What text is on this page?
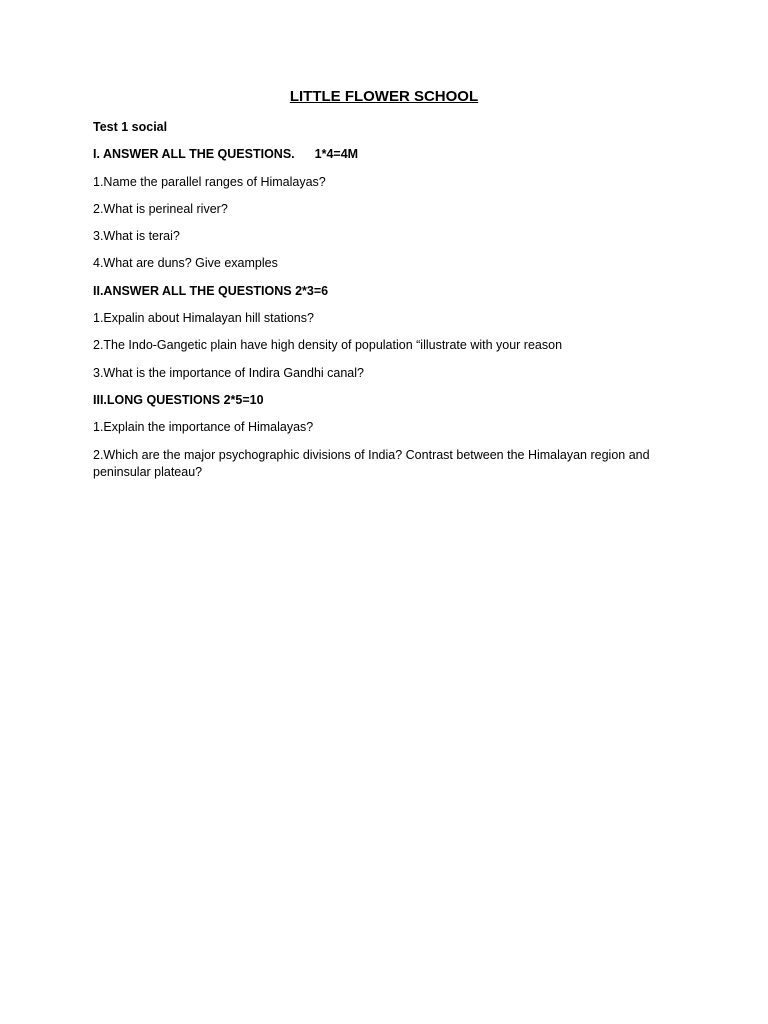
LITTLE FLOWER SCHOOL

Test 1 social

I. ANSWER ALL THE QUESTIONS. 1*4=4M

1.Name the parallel ranges of Himalayas?

2.What is perineal river?

3.What is terai?

4.What are duns? Give examples

II.ANSWER ALL THE QUESTIONS 2*3=6

1.Expalin about Himalayan hill stations?

2.The Indo-Gangetic plain have high density of population “illustrate with your reason

3.What is the importance of Indira Gandhi canal?

III.LONG QUESTIONS 2*5=10

1.Explain the importance of Himalayas?

2.Which are the major psychographic divisions of India? Contrast between the Himalayan region and peninsular plateau?
